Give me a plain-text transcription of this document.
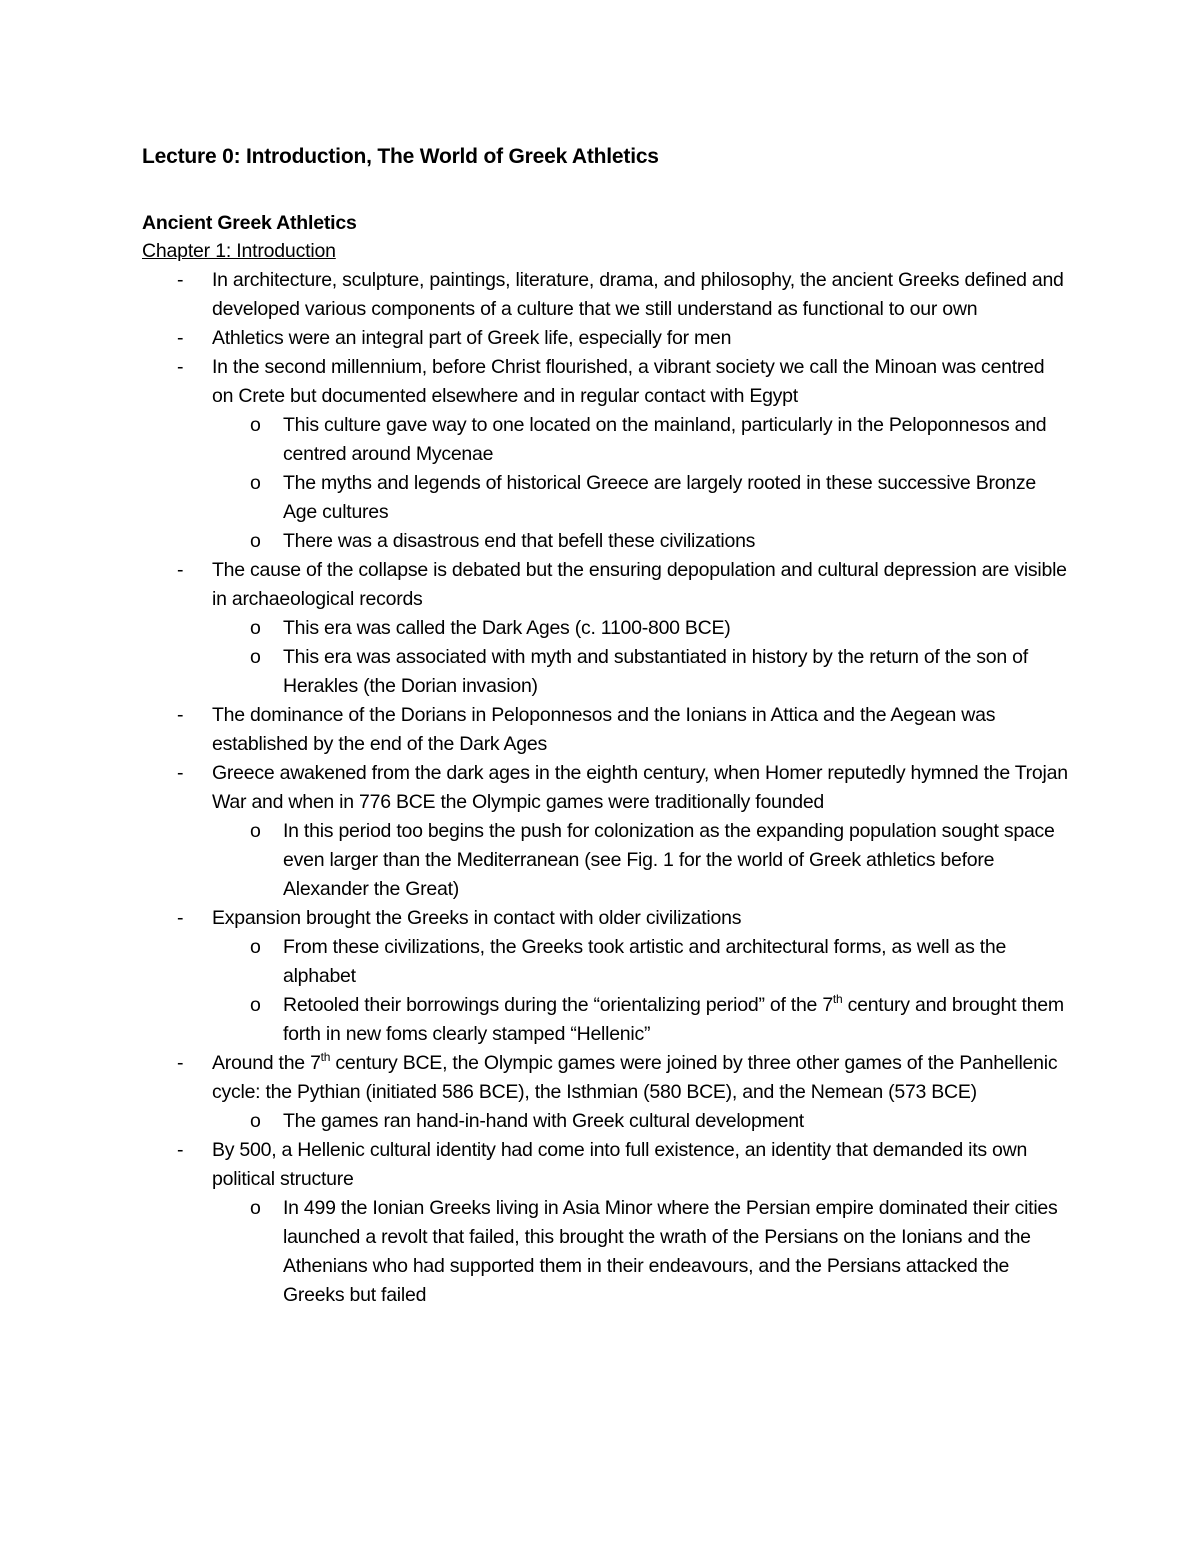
Lecture 0: Introduction, The World of Greek Athletics
Ancient Greek Athletics
Chapter 1: Introduction
- In architecture, sculpture, paintings, literature, drama, and philosophy, the ancient Greeks defined and developed various components of a culture that we still understand as functional to our own
- Athletics were an integral part of Greek life, especially for men
- In the second millennium, before Christ flourished, a vibrant society we call the Minoan was centred on Crete but documented elsewhere and in regular contact with Egypt
o This culture gave way to one located on the mainland, particularly in the Peloponnesos and centred around Mycenae
o The myths and legends of historical Greece are largely rooted in these successive Bronze Age cultures
o There was a disastrous end that befell these civilizations
- The cause of the collapse is debated but the ensuring depopulation and cultural depression are visible in archaeological records
o This era was called the Dark Ages (c. 1100-800 BCE)
o This era was associated with myth and substantiated in history by the return of the son of Herakles (the Dorian invasion)
- The dominance of the Dorians in Peloponnesos and the Ionians in Attica and the Aegean was established by the end of the Dark Ages
- Greece awakened from the dark ages in the eighth century, when Homer reputedly hymned the Trojan War and when in 776 BCE the Olympic games were traditionally founded
o In this period too begins the push for colonization as the expanding population sought space even larger than the Mediterranean (see Fig. 1 for the world of Greek athletics before Alexander the Great)
- Expansion brought the Greeks in contact with older civilizations
o From these civilizations, the Greeks took artistic and architectural forms, as well as the alphabet
o Retooled their borrowings during the “orientalizing period” of the 7th century and brought them forth in new foms clearly stamped “Hellenic”
- Around the 7th century BCE, the Olympic games were joined by three other games of the Panhellenic cycle: the Pythian (initiated 586 BCE), the Isthmian (580 BCE), and the Nemean (573 BCE)
o The games ran hand-in-hand with Greek cultural development
- By 500, a Hellenic cultural identity had come into full existence, an identity that demanded its own political structure
o In 499 the Ionian Greeks living in Asia Minor where the Persian empire dominated their cities launched a revolt that failed, this brought the wrath of the Persians on the Ionians and the Athenians who had supported them in their endeavours, and the Persians attacked the Greeks but failed
